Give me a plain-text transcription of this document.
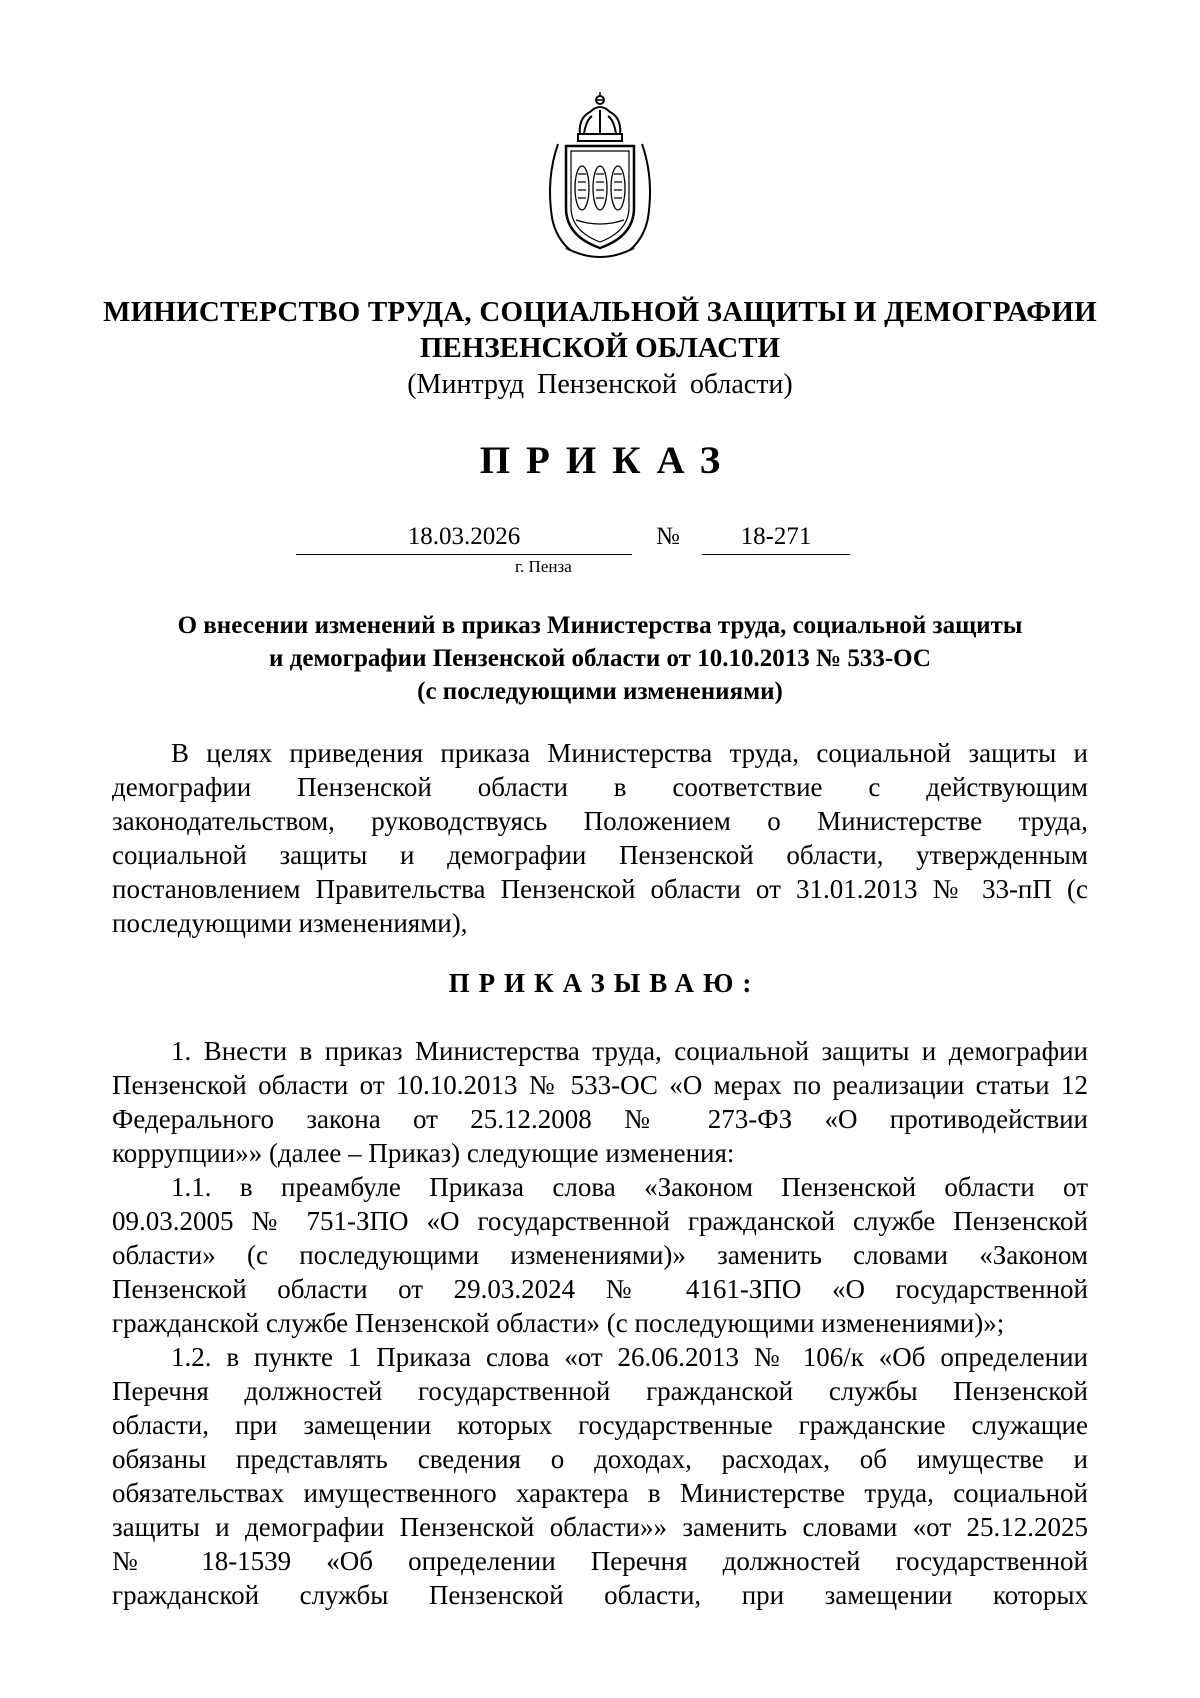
МИНИСТЕРСТВО ТРУДА, СОЦИАЛЬНОЙ ЗАЩИТЫ И ДЕМОГРАФИИ
ПЕНЗЕНСКОЙ ОБЛАСТИ
(Минтруд Пензенской области)
ПРИКАЗ
18.03.2026	№	18-271
г. Пенза
О внесении изменений в приказ Министерства труда, социальной защиты
и демографии Пензенской области от 10.10.2013 № 533-ОС
(с последующими изменениями)
В целях приведения приказа Министерства труда, социальной защиты и
демографии Пензенской области в соответствие с действующим
законодательством, руководствуясь Положением о Министерстве труда,
социальной защиты и демографии Пензенской области, утвержденным
постановлением Правительства Пензенской области от 31.01.2013 № 33-пП (с
последующими изменениями),
ПРИКАЗЫВАЮ:
1. Внести в приказ Министерства труда, социальной защиты и демографии
Пензенской области от 10.10.2013 № 533-ОС «О мерах по реализации статьи 12
Федерального закона от 25.12.2008 № 273-ФЗ «О противодействии
коррупции»» (далее – Приказ) следующие изменения:
1.1. в преамбуле Приказа слова «Законом Пензенской области от
09.03.2005 № 751-ЗПО «О государственной гражданской службе Пензенской
области» (с последующими изменениями)» заменить словами «Законом
Пензенской области от 29.03.2024 № 4161-ЗПО «О государственной
гражданской службе Пензенской области» (с последующими изменениями)»;
1.2. в пункте 1 Приказа слова «от 26.06.2013 № 106/к «Об определении
Перечня должностей государственной гражданской службы Пензенской
области, при замещении которых государственные гражданские служащие
обязаны представлять сведения о доходах, расходах, об имуществе и
обязательствах имущественного характера в Министерстве труда, социальной
защиты и демографии Пензенской области»» заменить словами «от 25.12.2025
№ 18-1539 «Об определении Перечня должностей государственной
гражданской службы Пензенской области, при замещении которых
